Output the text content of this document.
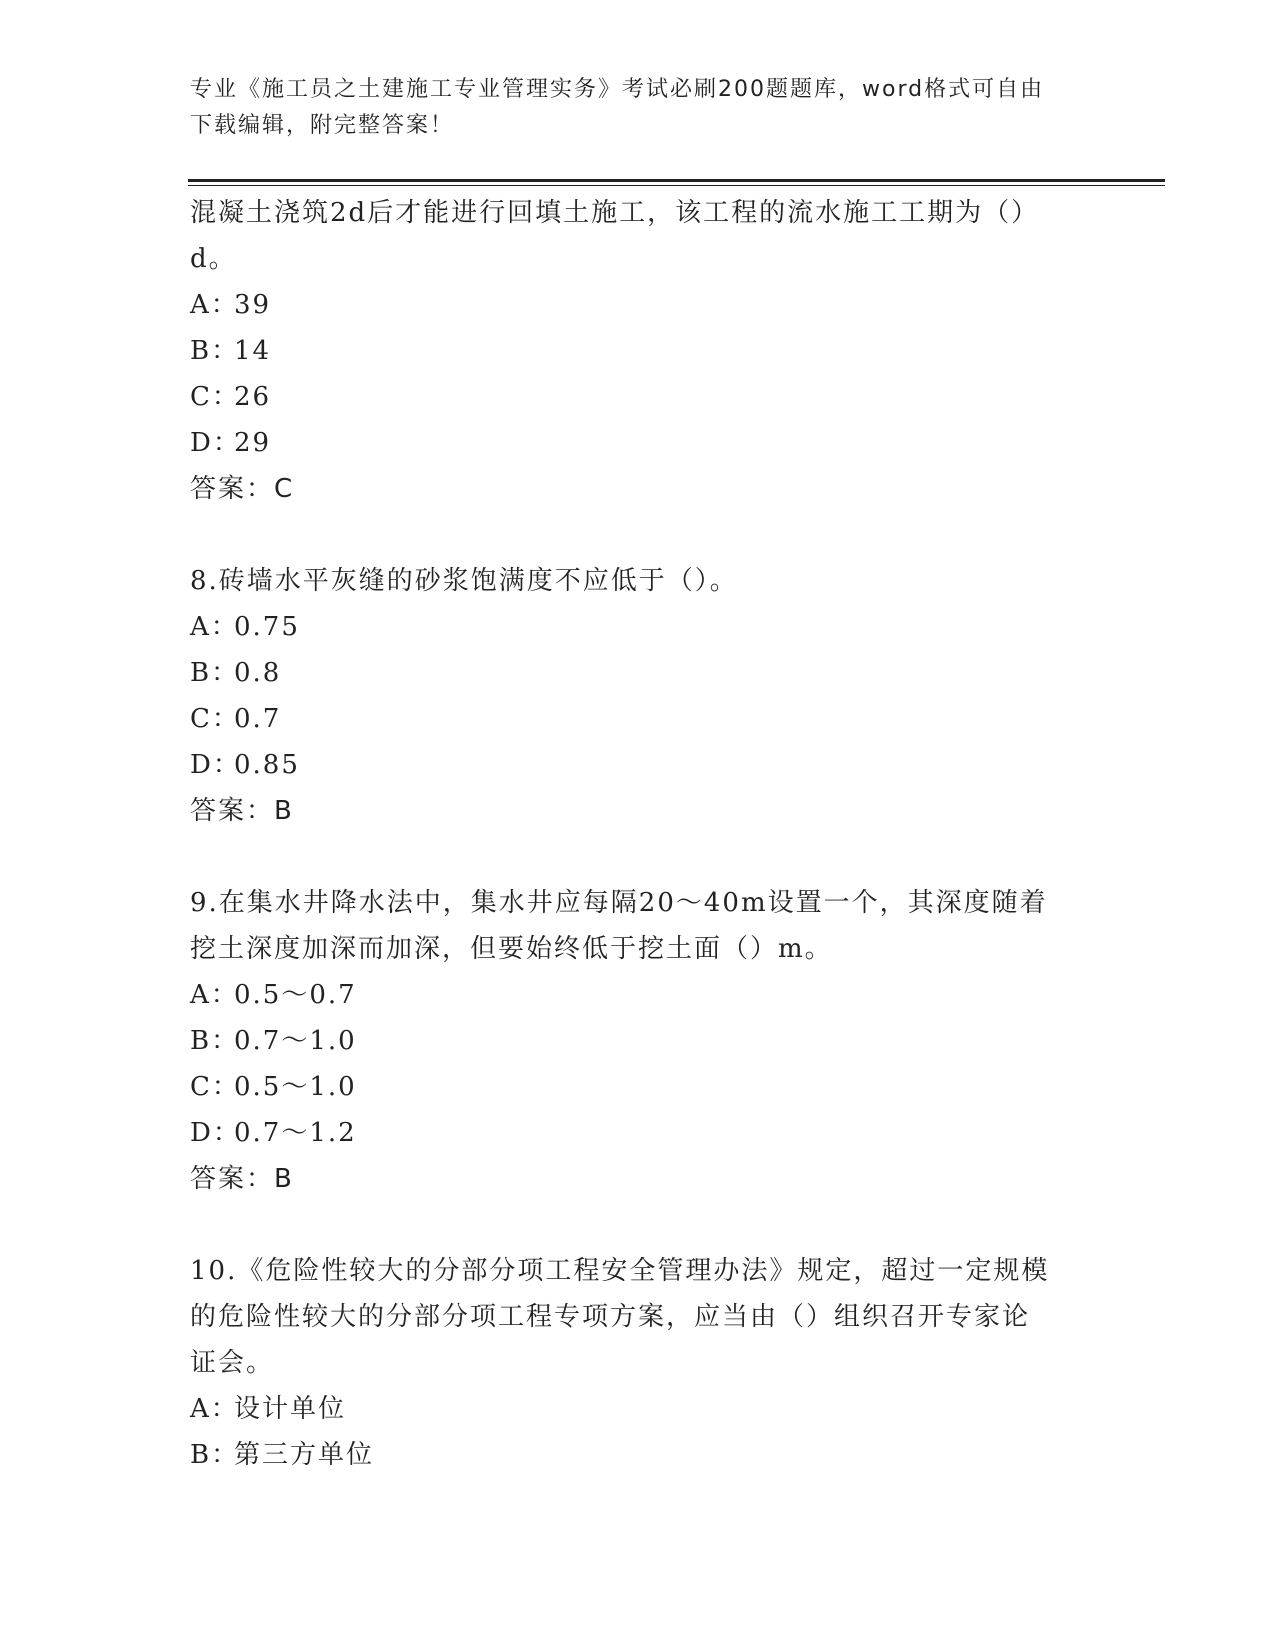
专业《施工员之土建施工专业管理实务》考试必刷200题题库，word格式可自由
下载编辑，附完整答案！
混凝土浇筑2d后才能进行回填土施工，该工程的流水施工工期为（）
d。
A：39
B：14
C：26
D：29
答案：C
8.砖墙水平灰缝的砂浆饱满度不应低于（）。
A：0.75
B：0.8
C：0.7
D：0.85
答案：B
9.在集水井降水法中，集水井应每隔20～40m设置一个，其深度随着
挖土深度加深而加深，但要始终低于挖土面（）m。
A：0.5～0.7
B：0.7～1.0
C：0.5～1.0
D：0.7～1.2
答案：B
10.《危险性较大的分部分项工程安全管理办法》规定，超过一定规模
的危险性较大的分部分项工程专项方案，应当由（）组织召开专家论
证会。
A：设计单位
B：第三方单位
